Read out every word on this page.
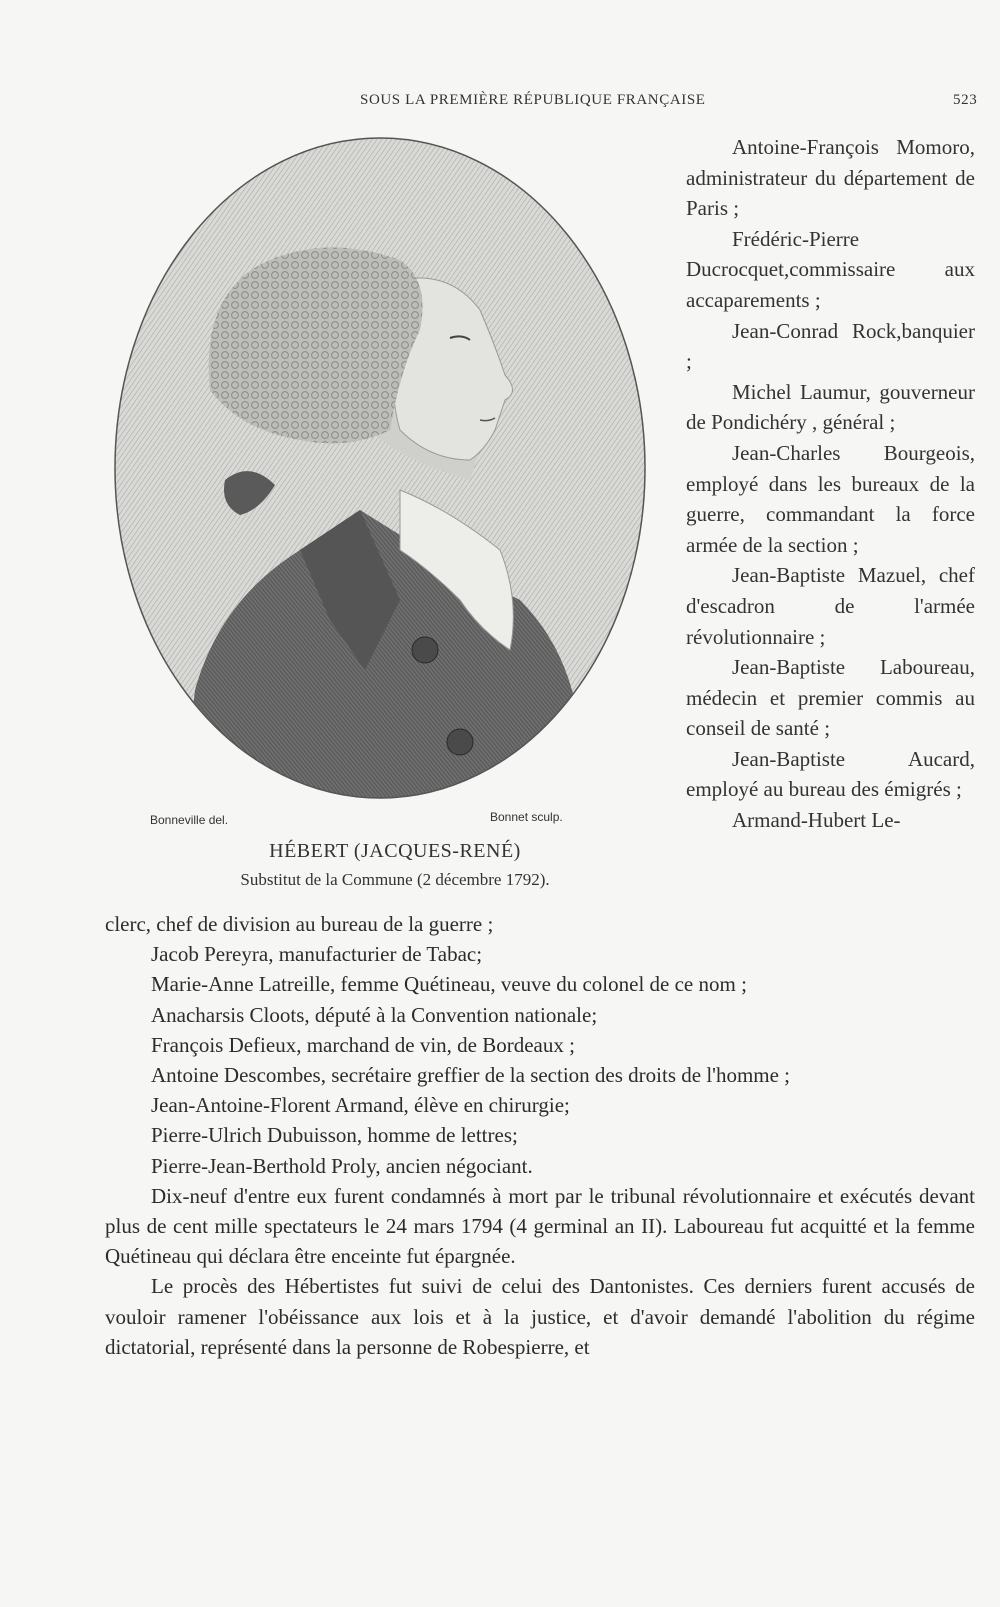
SOUS LA PREMIÈRE RÉPUBLIQUE FRANÇAISE	523
Bonneville del.	Bonnet sculp.
HÉBERT (JACQUES-RENÉ)
Substitut de la Commune (2 décembre 1792).

Antoine-François Momoro, administrateur du département de Paris ;

Frédéric-Pierre Ducrocquet,commissaire aux accaparements ;

Jean-Conrad Rock,banquier ;

Michel Laumur, gouverneur de Pondichéry , général ;

Jean-Charles Bourgeois, employé dans les bureaux de la guerre, commandant la force armée de la section ;

Jean-Baptiste Mazuel, chef d'escadron de l'armée révolutionnaire ;

Jean-Baptiste Laboureau, médecin et premier commis au conseil de santé ;

Jean-Baptiste Aucard, employé au bureau des émigrés ;

Armand-Hubert Le-

clerc, chef de division au bureau de la guerre ;

Jacob Pereyra, manufacturier de Tabac;

Marie-Anne Latreille, femme Quétineau, veuve du colonel de ce nom ;

Anacharsis Cloots, député à la Convention nationale;

François Defieux, marchand de vin, de Bordeaux ;

Antoine Descombes, secrétaire greffier de la section des droits de l'homme ;

Jean-Antoine-Florent Armand, élève en chirurgie;

Pierre-Ulrich Dubuisson, homme de lettres;

Pierre-Jean-Berthold Proly, ancien négociant.

Dix-neuf d'entre eux furent condamnés à mort par le tribunal révolutionnaire et exécutés devant plus de cent mille spectateurs le 24 mars 1794 (4 germinal an II). Laboureau fut acquitté et la femme Quétineau qui déclara être enceinte fut épargnée.

Le procès des Hébertistes fut suivi de celui des Dantonistes. Ces derniers furent accusés de vouloir ramener l'obéissance aux lois et à la justice, et d'avoir demandé l'abolition du régime dictatorial, représenté dans la personne de Robespierre, et
